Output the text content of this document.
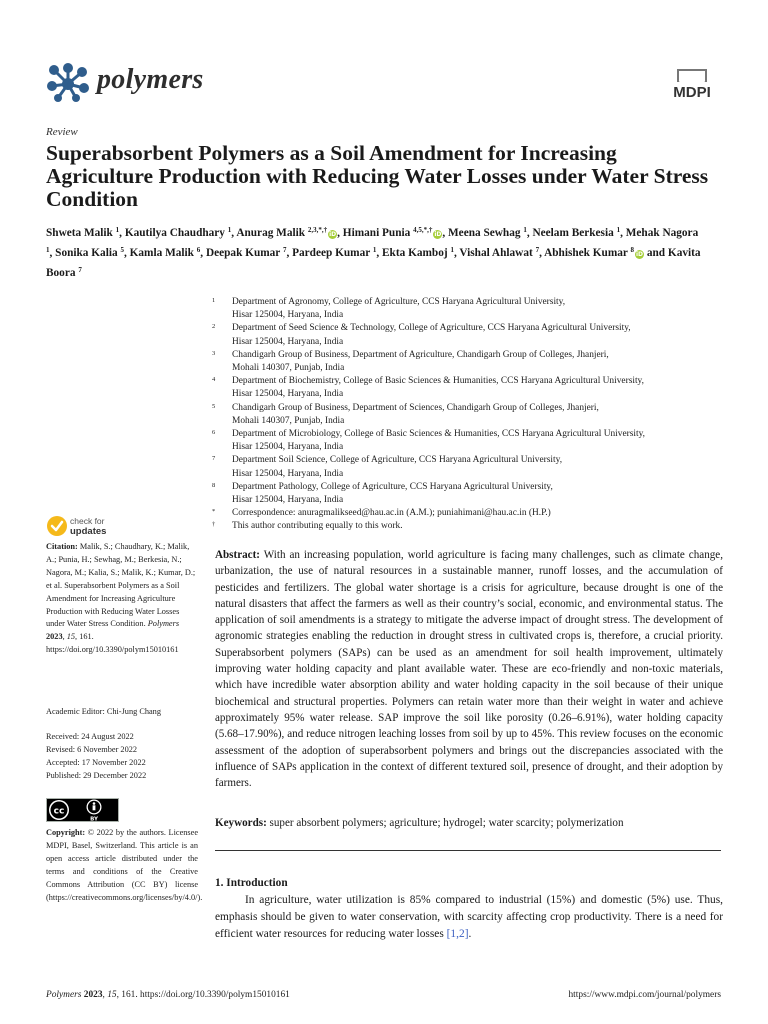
polymers	MDPI
Review
Superabsorbent Polymers as a Soil Amendment for Increasing Agriculture Production with Reducing Water Losses under Water Stress Condition
Shweta Malik $^1$, Kautilya Chaudhary $^1$, Anurag Malik $^{2,3,*,\dagger}$iD, Himani Punia $^{4,5,*,\dagger}$iD, Meena Sewhag $^1$, Neelam Berkesia $^1$, Mehak Nagora $^1$, Sonika Kalia $^5$, Kamla Malik $^6$, Deepak Kumar $^7$, Pardeep Kumar $^1$, Ekta Kamboj $^1$, Vishal Ahlawat $^7$, Abhishek Kumar $^8$iD and Kavita Boora $^7$
1	Department of Agronomy, College of Agriculture, CCS Haryana Agricultural University,
Hisar 125004, Haryana, India
2	Department of Seed Science & Technology, College of Agriculture, CCS Haryana Agricultural University,
Hisar 125004, Haryana, India
3	Chandigarh Group of Business, Department of Agriculture, Chandigarh Group of Colleges, Jhanjeri,
Mohali 140307, Punjab, India
4	Department of Biochemistry, College of Basic Sciences & Humanities, CCS Haryana Agricultural University,
Hisar 125004, Haryana, India
5	Chandigarh Group of Business, Department of Sciences, Chandigarh Group of Colleges, Jhanjeri,
Mohali 140307, Punjab, India
6	Department of Microbiology, College of Basic Sciences & Humanities, CCS Haryana Agricultural University,
Hisar 125004, Haryana, India
7	Department Soil Science, College of Agriculture, CCS Haryana Agricultural University,
Hisar 125004, Haryana, India
8	Department Pathology, College of Agriculture, CCS Haryana Agricultural University,
Hisar 125004, Haryana, India
*	Correspondence: anuragmalikseed@hau.ac.in (A.M.); puniahimani@hau.ac.in (H.P.)
†	This author contributing equally to this work.
check for
updates
Citation: Malik, S.; Chaudhary, K.; Malik, A.; Punia, H.; Sewhag, M.; Berkesia, N.; Nagora, M.; Kalia, S.; Malik, K.; Kumar, D.; et al. Superabsorbent Polymers as a Soil Amendment for Increasing Agriculture Production with Reducing Water Losses under Water Stress Condition. Polymers 2023, 15, 161. https://doi.org/10.3390/polym15010161
Academic Editor: Chi-Jung Chang
Received: 24 August 2022
Revised: 6 November 2022
Accepted: 17 November 2022
Published: 29 December 2022
cc
BY
Copyright: © 2022 by the authors. Licensee MDPI, Basel, Switzerland. This article is an open access article distributed under the terms and conditions of the Creative Commons Attribution (CC BY) license (https://creativecommons.org/licenses/by/4.0/).
Abstract: With an increasing population, world agriculture is facing many challenges, such as climate change, urbanization, the use of natural resources in a sustainable manner, runoff losses, and the accumulation of pesticides and fertilizers. The global water shortage is a crisis for agriculture, because drought is one of the natural disasters that affect the farmers as well as their country’s social, economic, and environmental status. The application of soil amendments is a strategy to mitigate the adverse impact of drought stress. The development of agronomic strategies enabling the reduction in drought stress in cultivated crops is, therefore, a crucial priority. Superabsorbent polymers (SAPs) can be used as an amendment for soil health improvement, ultimately improving water holding capacity and plant available water. These are eco-friendly and non-toxic materials, which have incredible water absorption ability and water holding capacity in the soil because of their unique biochemical and structural properties. Polymers can retain water more than their weight in water and achieve approximately 95% water release. SAP improve the soil like porosity (0.26–6.91%), water holding capacity (5.68–17.90%), and reduce nitrogen leaching losses from soil by up to 45%. This review focuses on the economic assessment of the adoption of superabsorbent polymers and brings out the discrepancies associated with the influence of SAPs application in the context of different textured soil, presence of drought, and their adoption by farmers.
Keywords: super absorbent polymers; agriculture; hydrogel; water scarcity; polymerization
1. Introduction
In agriculture, water utilization is 85% compared to industrial (15%) and domestic (5%) use. Thus, emphasis should be given to water conservation, with scarcity affecting crop productivity. There is a need for efficient water resources for reducing water losses [1,2].
Polymers 2023, 15, 161. https://doi.org/10.3390/polym15010161	https://www.mdpi.com/journal/polymers
